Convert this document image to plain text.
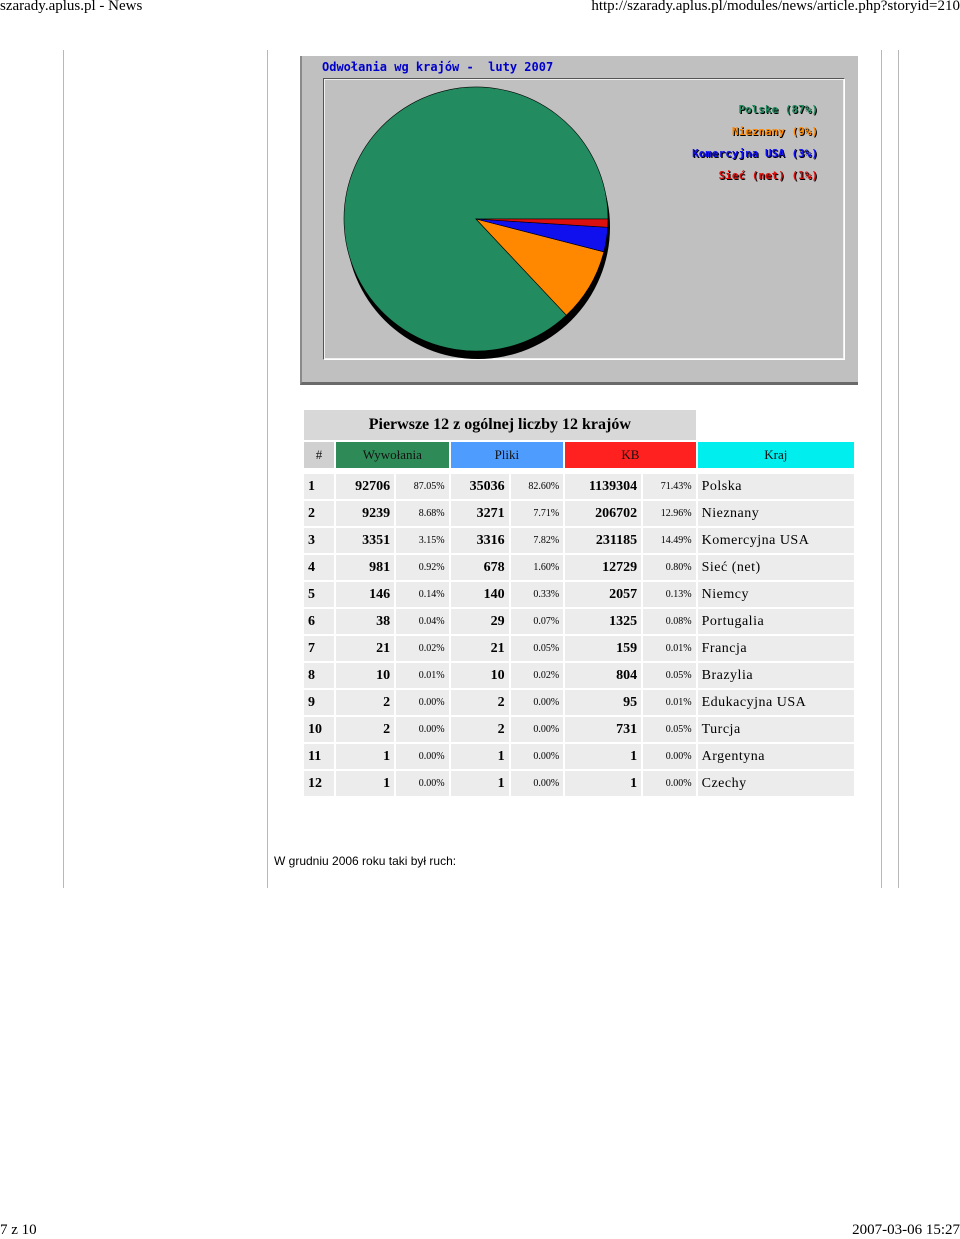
szarady.aplus.pl - News	http://szarady.aplus.pl/modules/news/article.php?storyid=210
Odwołania wg krajów -  luty 2007
Polske (87%)
Nieznany (9%)
Komercyjna USA (3%)
Sieć (net) (1%)
Pierwsze 12 z ogólnej liczby 12 krajów							
#	Wywołania		Pliki		KB		Kraj

1	92706	87.05%	35036	82.60%	1139304	71.43%	Polska
2	9239	8.68%	3271	7.71%	206702	12.96%	Nieznany
3	3351	3.15%	3316	7.82%	231185	14.49%	Komercyjna USA
4	981	0.92%	678	1.60%	12729	0.80%	Sieć (net)
5	146	0.14%	140	0.33%	2057	0.13%	Niemcy
6	38	0.04%	29	0.07%	1325	0.08%	Portugalia
7	21	0.02%	21	0.05%	159	0.01%	Francja
8	10	0.01%	10	0.02%	804	0.05%	Brazylia
9	2	0.00%	2	0.00%	95	0.01%	Edukacyjna USA
10	2	0.00%	2	0.00%	731	0.05%	Turcja
11	1	0.00%	1	0.00%	1	0.00%	Argentyna
12	1	0.00%	1	0.00%	1	0.00%	Czechy
W grudniu 2006 roku taki był ruch:
7 z 10	2007-03-06 15:27
